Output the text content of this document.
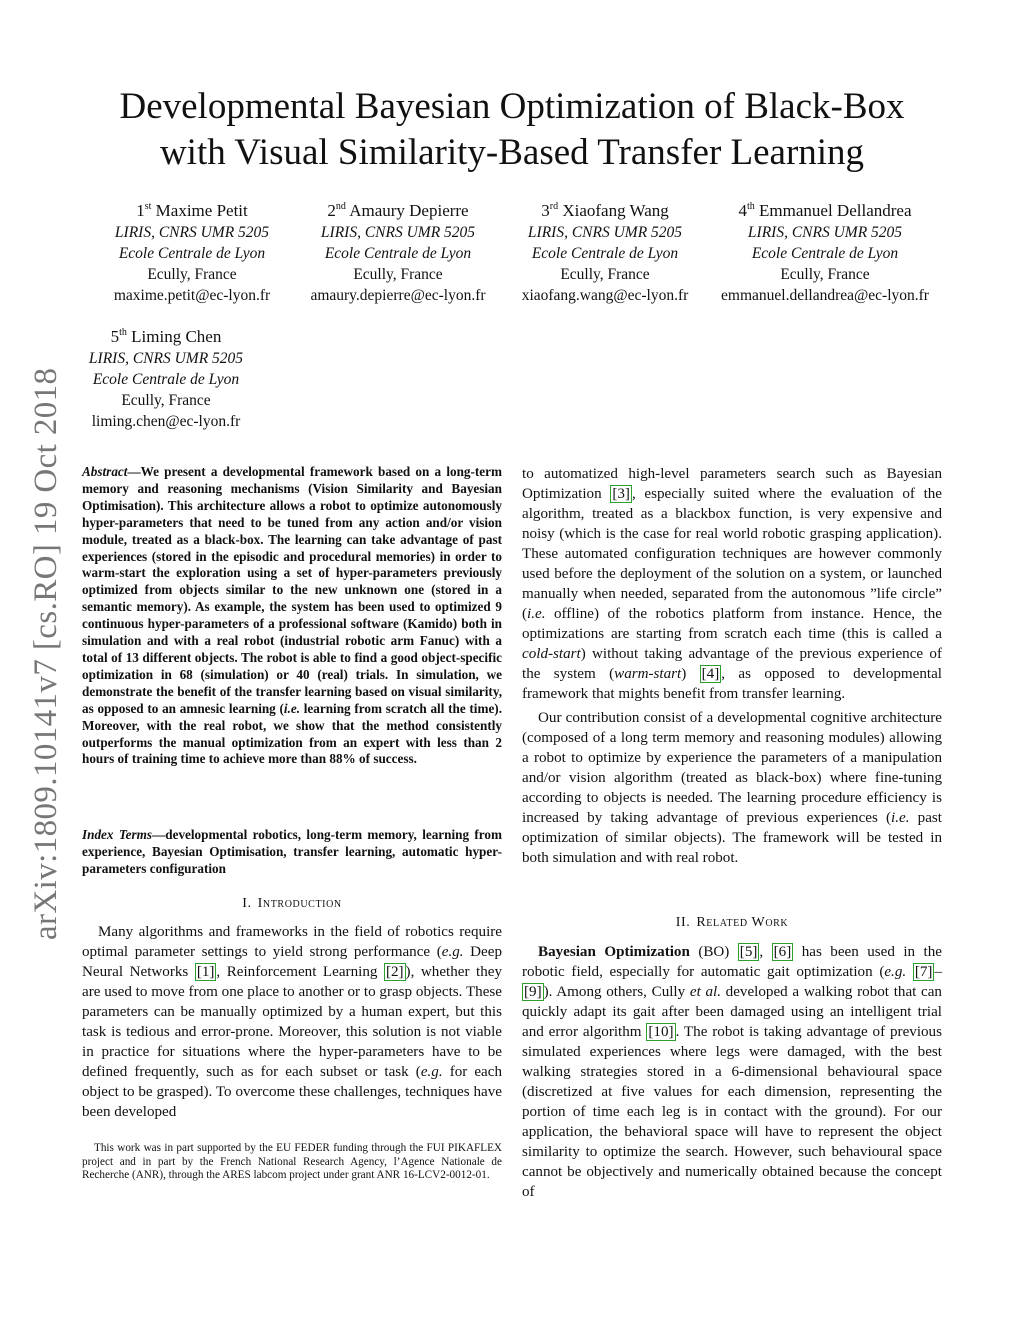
arXiv:1809.10141v7 [cs.RO] 19 Oct 2018
Developmental Bayesian Optimization of Black-Box
with Visual Similarity-Based Transfer Learning
1st Maxime Petit
LIRIS, CNRS UMR 5205
Ecole Centrale de Lyon
Ecully, France
maxime.petit@ec-lyon.fr
2nd Amaury Depierre
LIRIS, CNRS UMR 5205
Ecole Centrale de Lyon
Ecully, France
amaury.depierre@ec-lyon.fr
3rd Xiaofang Wang
LIRIS, CNRS UMR 5205
Ecole Centrale de Lyon
Ecully, France
xiaofang.wang@ec-lyon.fr
4th Emmanuel Dellandrea
LIRIS, CNRS UMR 5205
Ecole Centrale de Lyon
Ecully, France
emmanuel.dellandrea@ec-lyon.fr
5th Liming Chen
LIRIS, CNRS UMR 5205
Ecole Centrale de Lyon
Ecully, France
liming.chen@ec-lyon.fr
Abstract—We present a developmental framework based on a long-term memory and reasoning mechanisms (Vision Similarity and Bayesian Optimisation). This architecture allows a robot to optimize autonomously hyper-parameters that need to be tuned from any action and/or vision module, treated as a black-box. The learning can take advantage of past experiences (stored in the episodic and procedural memories) in order to warm-start the exploration using a set of hyper-parameters previously optimized from objects similar to the new unknown one (stored in a semantic memory). As example, the system has been used to optimized 9 continuous hyper-parameters of a professional software (Kamido) both in simulation and with a real robot (industrial robotic arm Fanuc) with a total of 13 different objects. The robot is able to find a good object-specific optimization in 68 (simulation) or 40 (real) trials. In simulation, we demonstrate the benefit of the transfer learning based on visual similarity, as opposed to an amnesic learning (i.e. learning from scratch all the time). Moreover, with the real robot, we show that the method consistently outperforms the manual optimization from an expert with less than 2 hours of training time to achieve more than 88% of success.
Index Terms—developmental robotics, long-term memory, learning from experience, Bayesian Optimisation, transfer learning, automatic hyper-parameters configuration
I. Introduction

Many algorithms and frameworks in the field of robotics require optimal parameter settings to yield strong performance (e.g. Deep Neural Networks [1] , Reinforcement Learning [2] ), whether they are used to move from one place to another or to grasp objects. These parameters can be manually optimized by a human expert, but this task is tedious and error-prone. Moreover, this solution is not viable in practice for situations where the hyper-parameters have to be defined frequently, such as for each subset or task (e.g. for each object to be grasped). To overcome these challenges, techniques have been developed

This work was in part supported by the EU FEDER funding through the FUI PIKAFLEX project and in part by the French National Research Agency, l’Agence Nationale de Recherche (ANR), through the ARES labcom project under grant ANR 16-LCV2-0012-01.

to automatized high-level parameters search such as Bayesian Optimization [3] , especially suited where the evaluation of the algorithm, treated as a blackbox function, is very expensive and noisy (which is the case for real world robotic grasping application). These automated configuration techniques are however commonly used before the deployment of the solution on a system, or launched manually when needed, separated from the autonomous ”life circle” (i.e. offline) of the robotics platform from instance. Hence, the optimizations are starting from scratch each time (this is called a cold-start) without taking advantage of the previous experience of the system (warm-start) [4] , as opposed to developmental framework that mights benefit from transfer learning.

Our contribution consist of a developmental cognitive architecture (composed of a long term memory and reasoning modules) allowing a robot to optimize by experience the parameters of a manipulation and/or vision algorithm (treated as black-box) where fine-tuning according to objects is needed. The learning procedure efficiency is increased by taking advantage of previous experiences (i.e. past optimization of similar objects). The framework will be tested in both simulation and with real robot.

II. Related Work

Bayesian Optimization (BO) [5] , [6] has been used in the robotic field, especially for automatic gait optimization (e.g. [7] –[9] ). Among others, Cully et al. developed a walking robot that can quickly adapt its gait after been damaged using an intelligent trial and error algorithm [10] . The robot is taking advantage of previous simulated experiences where legs were damaged, with the best walking strategies stored in a 6-dimensional behavioural space (discretized at five values for each dimension, representing the portion of time each leg is in contact with the ground). For our application, the behavioral space will have to represent the object similarity to optimize the search. However, such behavioural space cannot be objectively and numerically obtained because the concept of
